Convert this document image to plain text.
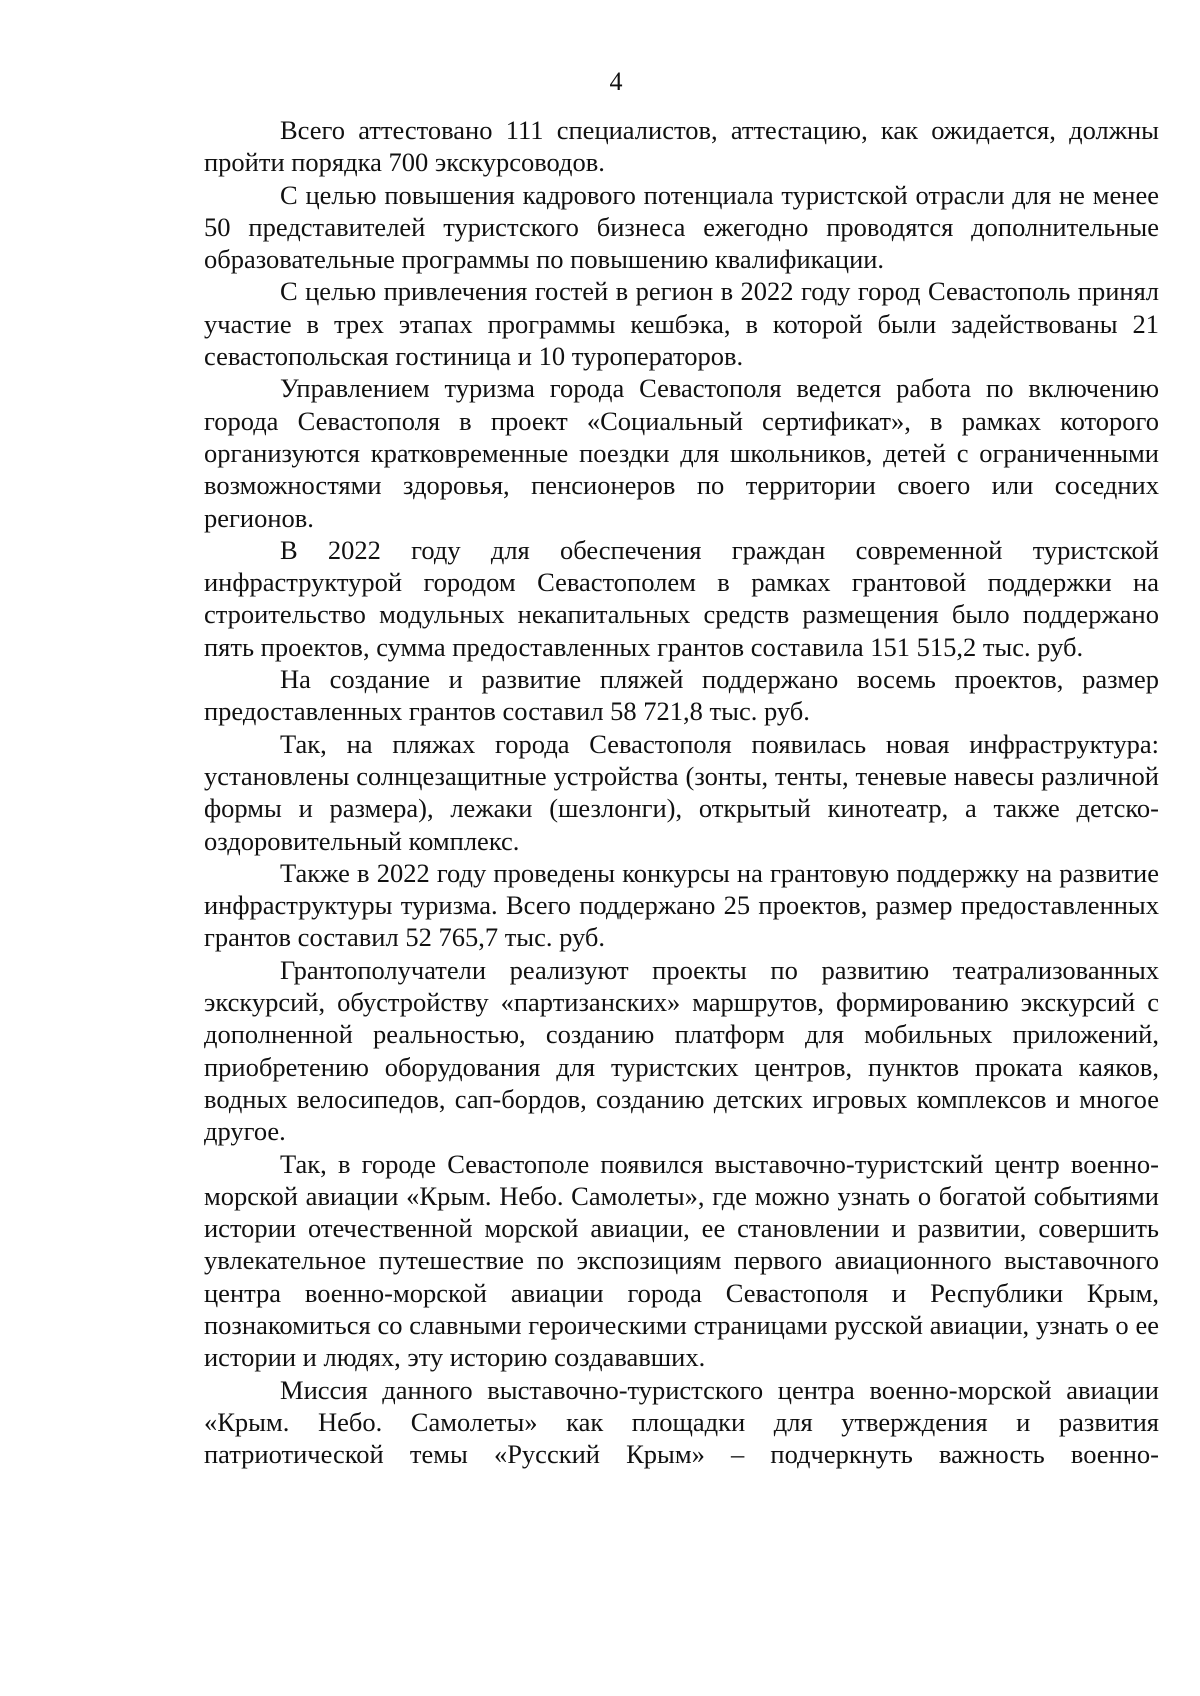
4

Всего аттестовано 111 специалистов, аттестацию, как ожидается, должны пройти порядка 700 экскурсоводов.

С целью повышения кадрового потенциала туристской отрасли для не менее 50 представителей туристского бизнеса ежегодно проводятся дополнительные образовательные программы по повышению квалификации.

С целью привлечения гостей в регион в 2022 году город Севастополь принял участие в трех этапах программы кешбэка, в которой были задействованы 21 севастопольская гостиница и 10 туроператоров.

Управлением туризма города Севастополя ведется работа по включению города Севастополя в проект «Социальный сертификат», в рамках которого организуются кратковременные поездки для школьников, детей с ограниченными возможностями здоровья, пенсионеров по территории своего или соседних регионов.

В 2022 году для обеспечения граждан современной туристской инфраструктурой городом Севастополем в рамках грантовой поддержки на строительство модульных некапитальных средств размещения было поддержано пять проектов, сумма предоставленных грантов составила 151 515,2 тыс. руб.

На создание и развитие пляжей поддержано восемь проектов, размер предоставленных грантов составил 58 721,8 тыс. руб.

Так, на пляжах города Севастополя появилась новая инфраструктура: установлены солнцезащитные устройства (зонты, тенты, теневые навесы различной формы и размера), лежаки (шезлонги), открытый кинотеатр, а также детско-оздоровительный комплекс.

Также в 2022 году проведены конкурсы на грантовую поддержку на развитие инфраструктуры туризма. Всего поддержано 25 проектов, размер предоставленных грантов составил 52 765,7 тыс. руб.

Грантополучатели реализуют проекты по развитию театрализованных экскурсий, обустройству «партизанских» маршрутов, формированию экскурсий с дополненной реальностью, созданию платформ для мобильных приложений, приобретению оборудования для туристских центров, пунктов проката каяков, водных велосипедов, сап-бордов, созданию детских игровых комплексов и многое другое.

Так, в городе Севастополе появился выставочно-туристский центр военно-морской авиации «Крым. Небо. Самолеты», где можно узнать о богатой событиями истории отечественной морской авиации, ее становлении и развитии, совершить увлекательное путешествие по экспозициям первого авиационного выставочного центра военно-морской авиации города Севастополя и Республики Крым, познакомиться со славными героическими страницами русской авиации, узнать о ее истории и людях, эту историю создававших.

Миссия данного выставочно-туристского центра военно-морской авиации «Крым. Небо. Самолеты» как площадки для утверждения и развития патриотической темы «Русский Крым» – подчеркнуть важность военно-
